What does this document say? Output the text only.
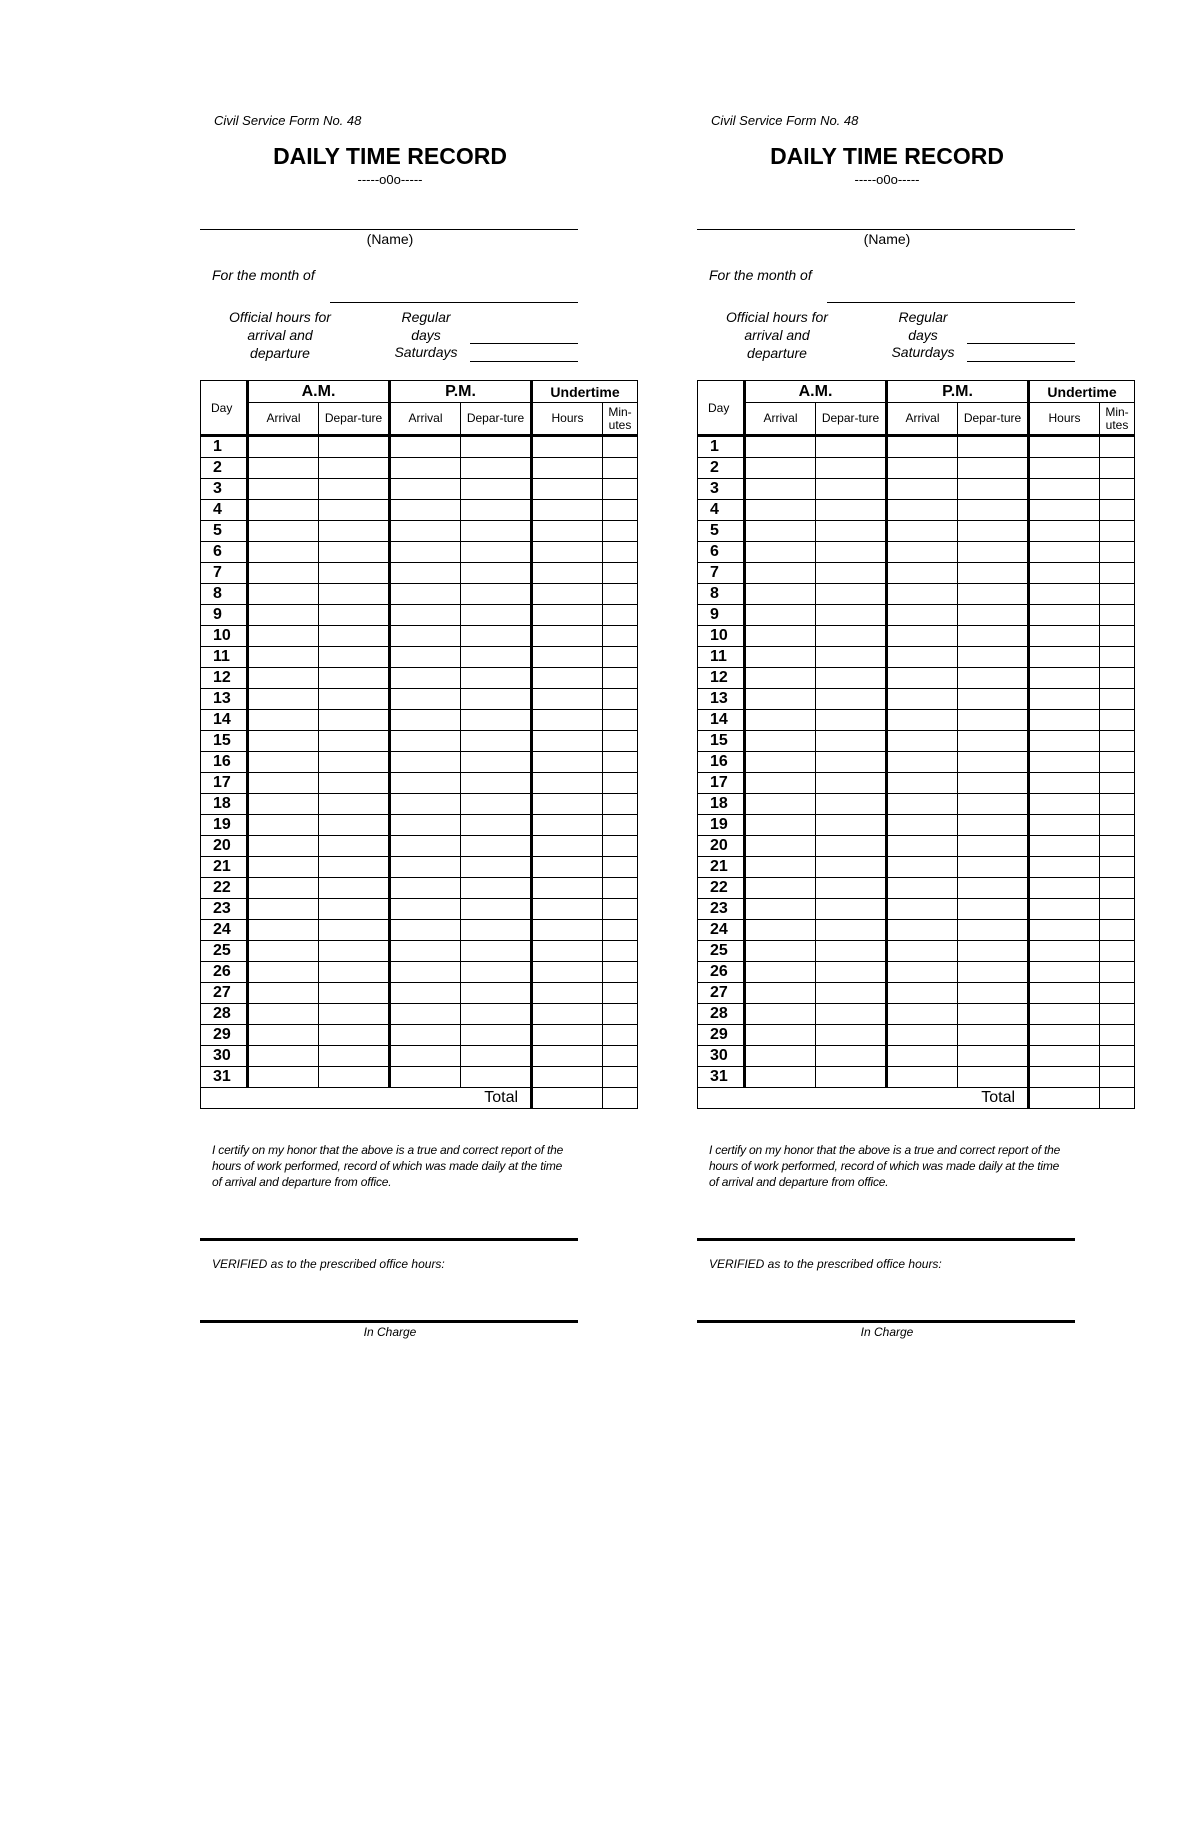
Civil Service Form No. 48
DAILY TIME RECORD
-----o0o-----
(Name)
For the month of
Official hours for arrival and departure
Regular days
Saturdays
Day	A.M.		P.M.		Undertime	
	Arrival	Depar-ture	Arrival	Depar-ture	Hours	Min-utes
1						
2						
3						
4						
5						
6						
7						
8						
9						
10						
11						
12						
13						
14						
15						
16						
17						
18						
19						
20						
21						
22						
23						
24						
25						
26						
27						
28						
29						
30						
31						
Total						
I certify on my honor that the above is a true and correct report of the hours of work performed, record of which was made daily at the time of arrival and departure from office.
VERIFIED as to the prescribed office hours:
In Charge
Civil Service Form No. 48
DAILY TIME RECORD
-----o0o-----
(Name)
For the month of
Official hours for arrival and departure
Regular days
Saturdays
Day	A.M.		P.M.		Undertime	
	Arrival	Depar-ture	Arrival	Depar-ture	Hours	Min-utes
1						
2						
3						
4						
5						
6						
7						
8						
9						
10						
11						
12						
13						
14						
15						
16						
17						
18						
19						
20						
21						
22						
23						
24						
25						
26						
27						
28						
29						
30						
31						
Total						
I certify on my honor that the above is a true and correct report of the hours of work performed, record of which was made daily at the time of arrival and departure from office.
VERIFIED as to the prescribed office hours:
In Charge
